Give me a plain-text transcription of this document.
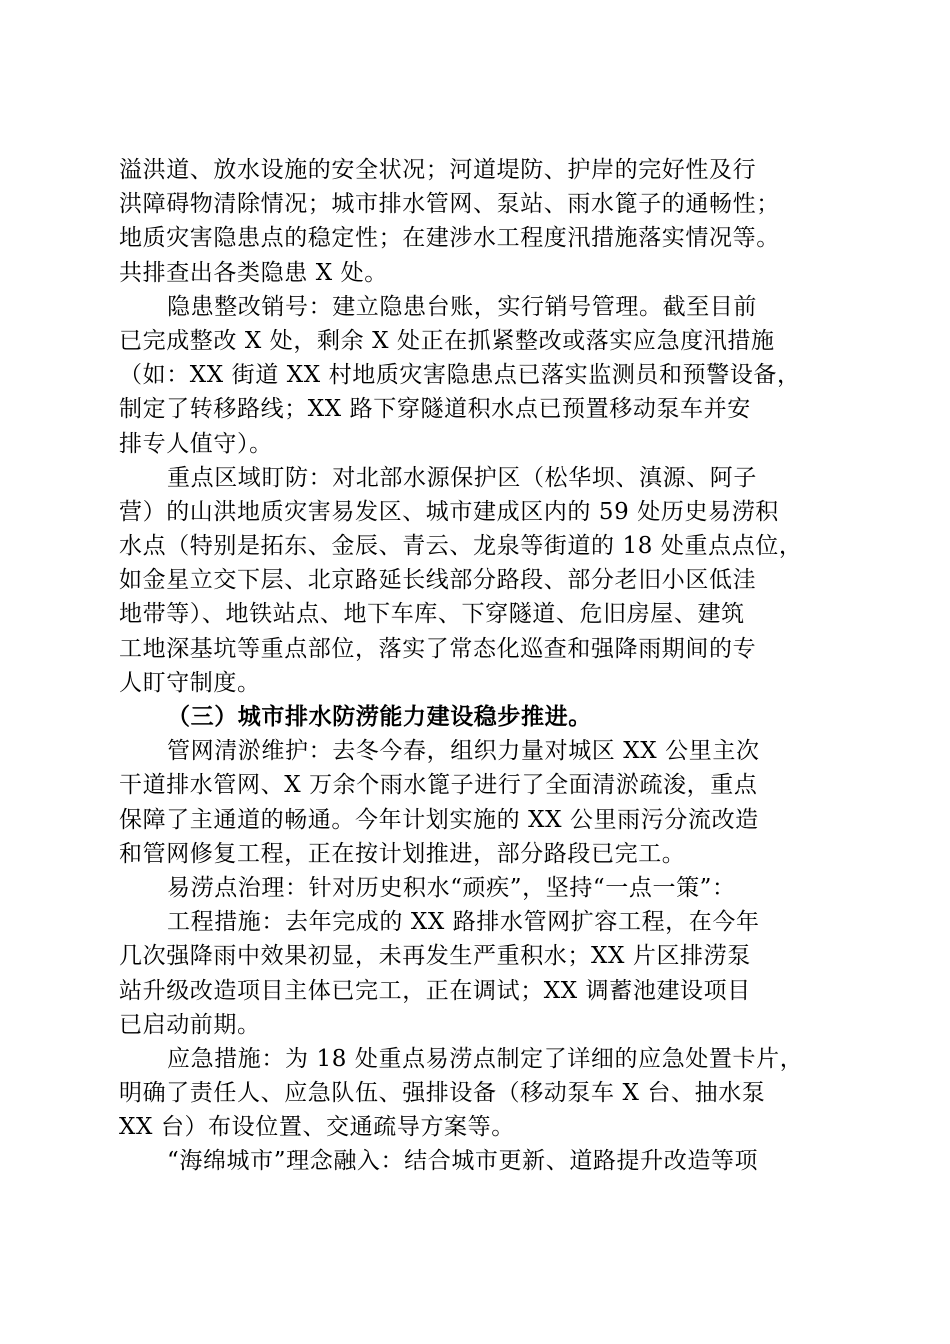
溢洪道、放水设施的安全状况；河道堤防、护岸的完好性及行
洪障碍物清除情况；城市排水管网、泵站、雨水篦子的通畅性；
地质灾害隐患点的稳定性；在建涉水工程度汛措施落实情况等。
共排查出各类隐患 X 处。
隐患整改销号：建立隐患台账，实行销号管理。截至目前
已完成整改 X 处，剩余 X 处正在抓紧整改或落实应急度汛措施
（如：XX 街道 XX 村地质灾害隐患点已落实监测员和预警设备，
制定了转移路线；XX 路下穿隧道积水点已预置移动泵车并安
排专人值守）。
重点区域盯防：对北部水源保护区（松华坝、滇源、阿子
营）的山洪地质灾害易发区、城市建成区内的 59 处历史易涝积
水点（特别是拓东、金辰、青云、龙泉等街道的 18 处重点点位，
如金星立交下层、北京路延长线部分路段、部分老旧小区低洼
地带等）、地铁站点、地下车库、下穿隧道、危旧房屋、建筑
工地深基坑等重点部位，落实了常态化巡查和强降雨期间的专
人盯守制度。
（三）城市排水防涝能力建设稳步推进。
管网清淤维护：去冬今春，组织力量对城区 XX 公里主次
干道排水管网、X 万余个雨水篦子进行了全面清淤疏浚，重点
保障了主通道的畅通。今年计划实施的 XX 公里雨污分流改造
和管网修复工程，正在按计划推进，部分路段已完工。
易涝点治理：针对历史积水“顽疾”，坚持“一点一策”：
工程措施：去年完成的 XX 路排水管网扩容工程，在今年
几次强降雨中效果初显，未再发生严重积水；XX 片区排涝泵
站升级改造项目主体已完工，正在调试；XX 调蓄池建设项目
已启动前期。
应急措施：为 18 处重点易涝点制定了详细的应急处置卡片，
明确了责任人、应急队伍、强排设备（移动泵车 X 台、抽水泵
XX 台）布设位置、交通疏导方案等。
“海绵城市”理念融入：结合城市更新、道路提升改造等项
